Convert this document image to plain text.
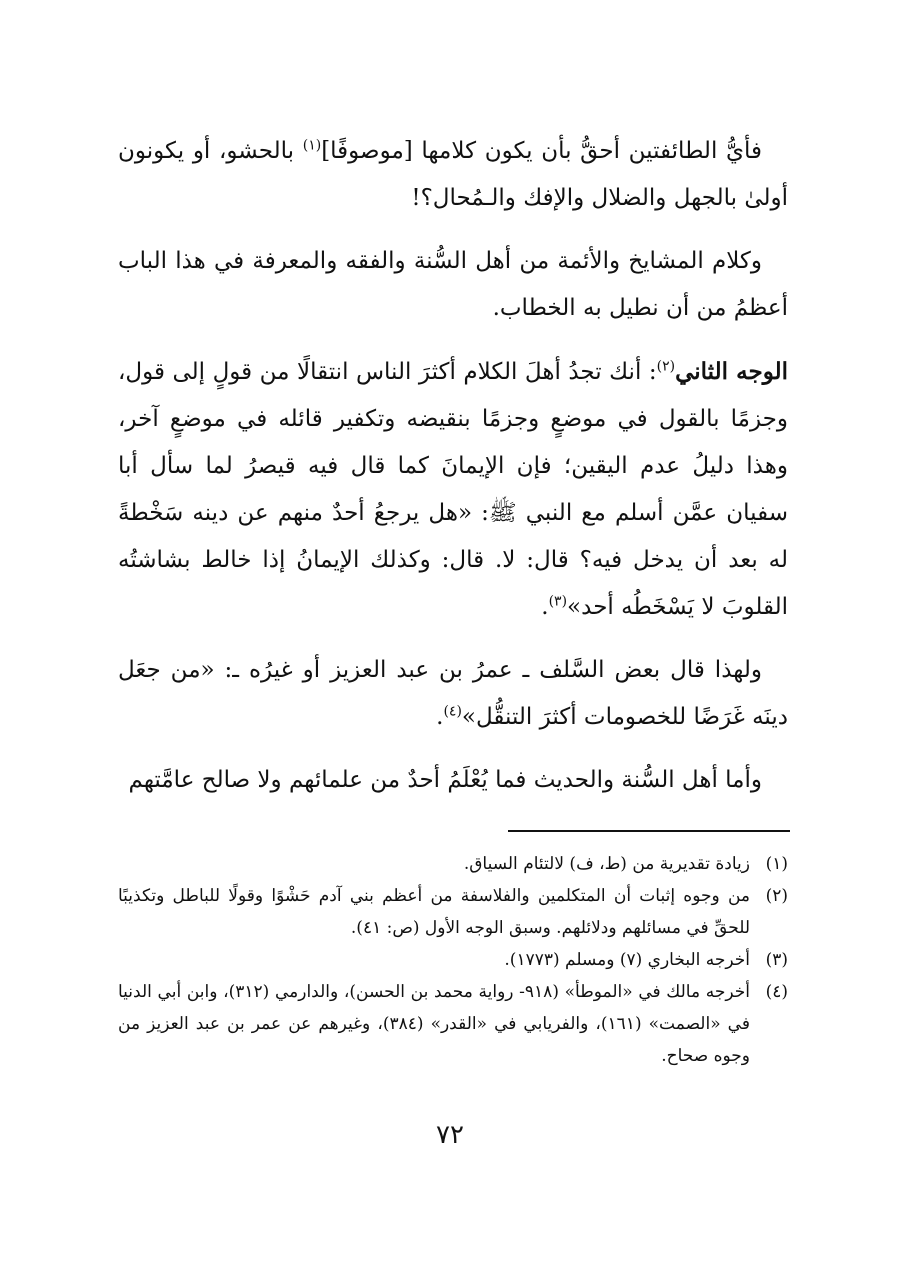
فأيُّ الطائفتين أحقُّ بأن يكون كلامها [موصوفًا]$^{(١)}$ بالحشو، أو يكونون أولىٰ بالجهل والضلال والإفك والـمُحال؟!

وكلام المشايخ والأئمة من أهل السُّنة والفقه والمعرفة في هذا الباب أعظمُ من أن نطيل به الخطاب.

الوجه الثاني$^{(٢)}$: أنك تجدُ أهلَ الكلام أكثرَ الناس انتقالًا من قولٍ إلى قول، وجزمًا بالقول في موضعٍ وجزمًا بنقيضه وتكفير قائله في موضعٍ آخر، وهذا دليلُ عدم اليقين؛ فإن الإيمانَ كما قال فيه قيصرُ لما سأل أبا سفيان عمَّن أسلم مع النبي ﷺ: «هل يرجعُ أحدٌ منهم عن دينه سَخْطةً له بعد أن يدخل فيه؟ قال: لا. قال: وكذلك الإيمانُ إذا خالط بشاشتُه القلوبَ لا يَسْخَطُه أحد»$^{(٣)}$.

ولهذا قال بعض السَّلف ـ عمرُ بن عبد العزيز أو غيرُه ـ: «من جعَل دينَه غَرَضًا للخصومات أكثرَ التنقُّل»$^{(٤)}$.

وأما أهل السُّنة والحديث فما يُعْلَمُ أحدٌ من علمائهم ولا صالح عامَّتهم

(١)
زيادة تقديرية من (ط، ف) لالتئام السياق.
(٢)
من وجوه إثبات أن المتكلمين والفلاسفة من أعظم بني آدم حَشْوًا وقولًا للباطل وتكذيبًا للحقِّ في مسائلهم ودلائلهم. وسبق الوجه الأول (ص: ٤١).
(٣)
أخرجه البخاري (٧) ومسلم (١٧٧٣).
(٤)
أخرجه مالك في «الموطأ» (٩١٨- رواية محمد بن الحسن)، والدارمي (٣١٢)، وابن أبي الدنيا في «الصمت» (١٦١)، والفريابي في «القدر» (٣٨٤)، وغيرهم عن عمر بن عبد العزيز من وجوه صحاح.
٧٢
